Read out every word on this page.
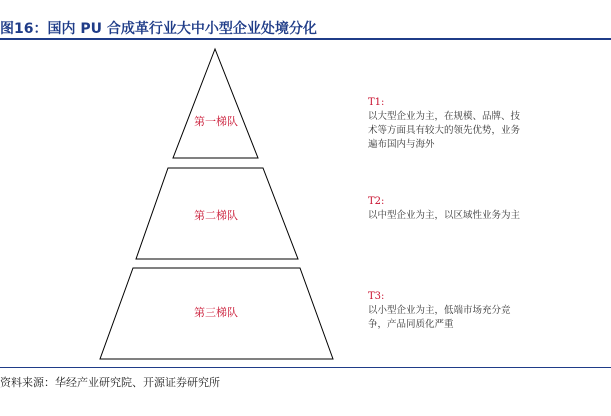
图16：国内 PU 合成革行业大中小型企业处境分化
第一梯队
第二梯队
第三梯队
T1:
以大型企业为主，在规模、品牌、技术等方面具有较大的领先优势，业务遍布国内与海外
T2:
以中型企业为主，以区域性业务为主
T3:
以小型企业为主，低端市场充分竞争，产品同质化严重
资料来源：华经产业研究院、开源证券研究所
